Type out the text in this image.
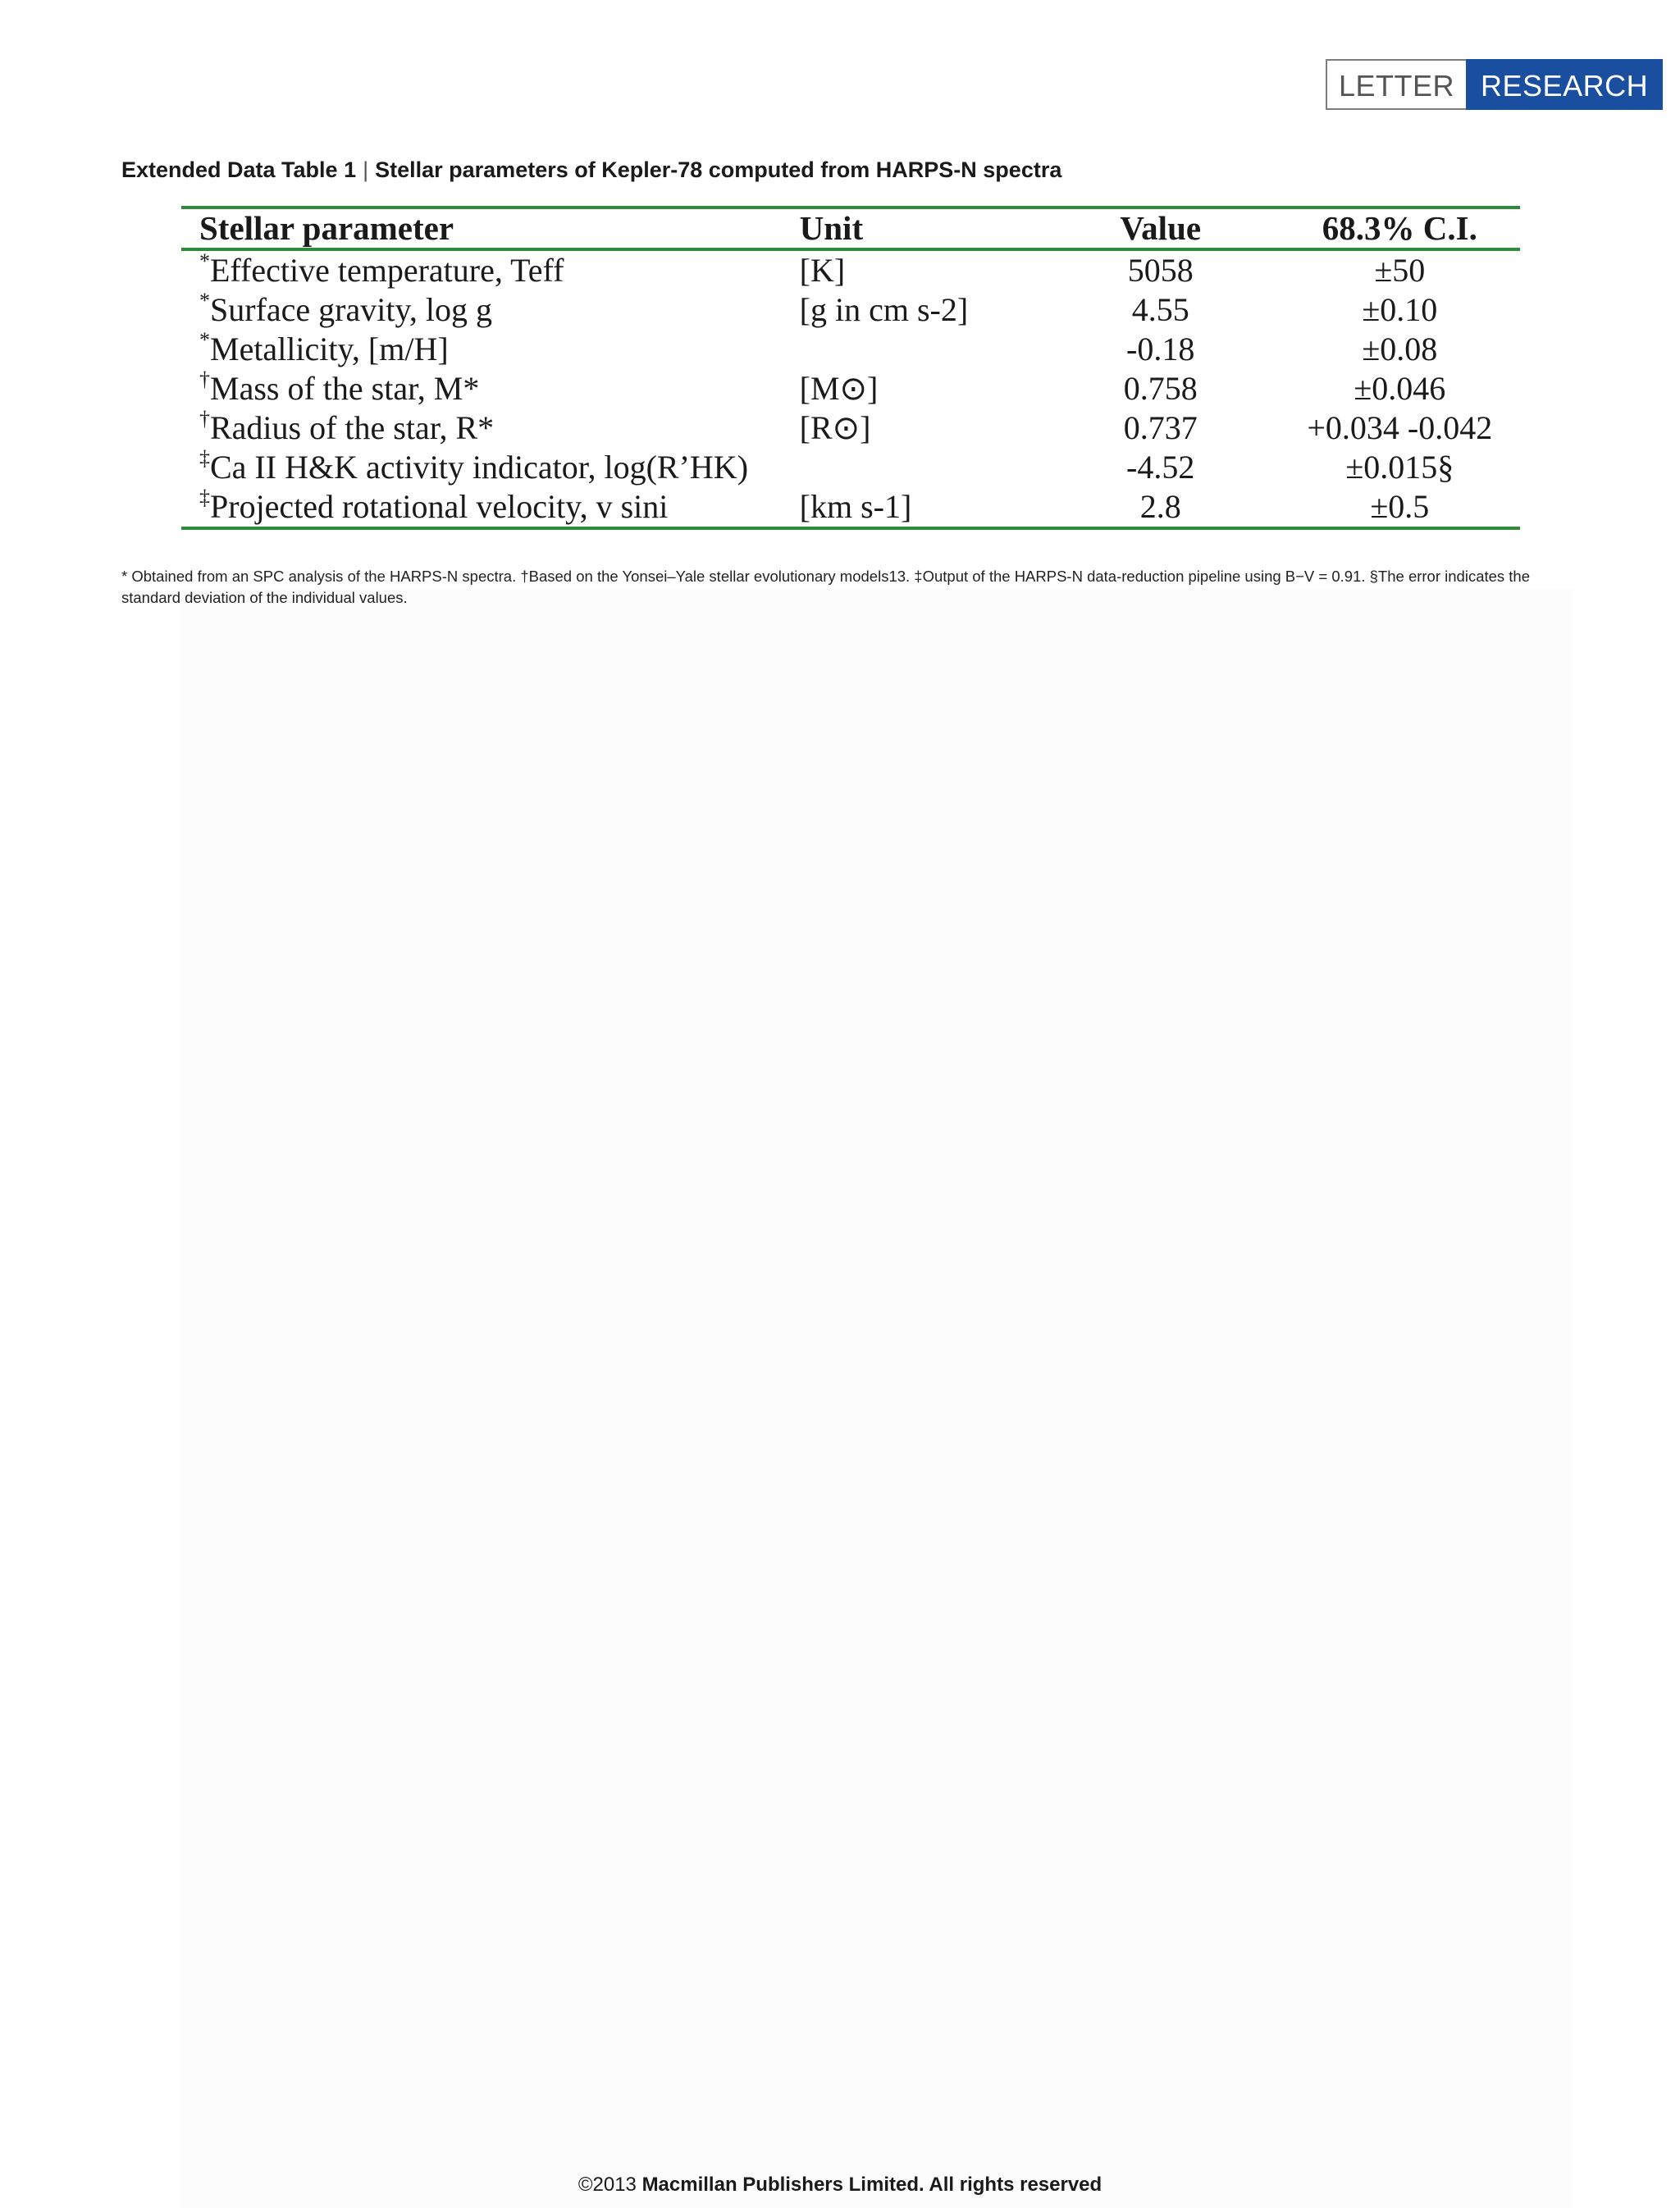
LETTER RESEARCH
Extended Data Table 1 | Stellar parameters of Kepler-78 computed from HARPS-N spectra
Stellar parameter	Unit	Value	68.3% C.I.
*Effective temperature, Teff	[K]	5058	±50
*Surface gravity, log g	[g in cm s-2]	4.55	±0.10
*Metallicity, [m/H]		-0.18	±0.08
†Mass of the star, M*	[M⊙]	0.758	±0.046
†Radius of the star, R*	[R⊙]	0.737	+0.034 -0.042
‡Ca II H&K activity indicator, log(R’HK)		-4.52	±0.015§
‡Projected rotational velocity, v sini	[km s-1]	2.8	±0.5
* Obtained from an SPC analysis of the HARPS-N spectra. †Based on the Yonsei–Yale stellar evolutionary models13. ‡Output of the HARPS-N data-reduction pipeline using B−V = 0.91. §The error indicates the standard deviation of the individual values.
©2013 Macmillan Publishers Limited. All rights reserved
